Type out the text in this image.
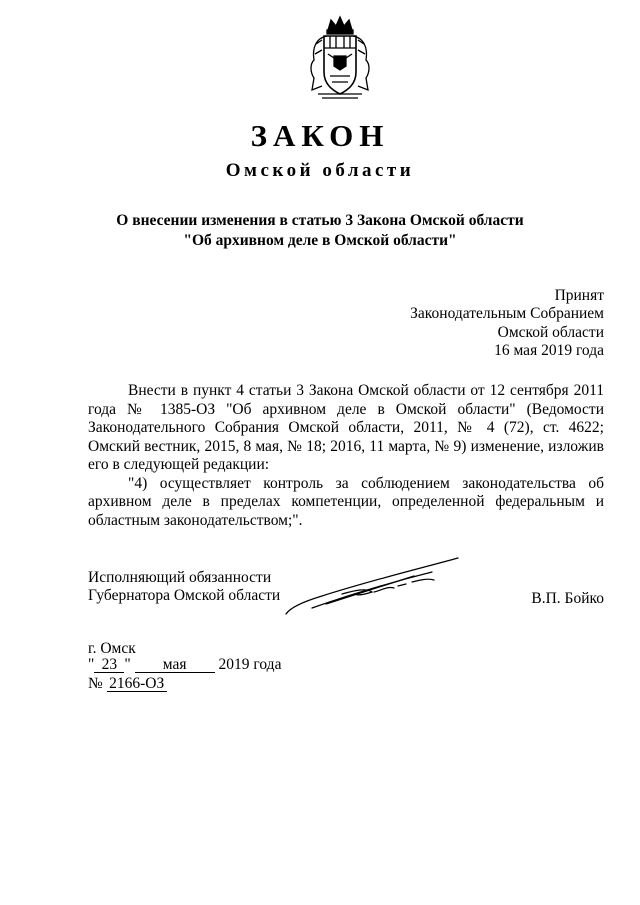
ЗАКОН
Омской области
О внесении изменения в статью 3 Закона Омской области
"Об архивном деле в Омской области"
Принят
Законодательным Собранием
Омской области
16 мая 2019 года

Внести в пункт 4 статьи 3 Закона Омской области от 12 сентября 2011 года № 1385-ОЗ "Об архивном деле в Омской области" (Ведомости Законодательного Собрания Омской области, 2011, № 4 (72), ст. 4622; Омский вестник, 2015, 8 мая, № 18; 2016, 11 марта, № 9) изменение, изложив его в следующей редакции:

"4) осуществляет контроль за соблюдением законодательства об архивном деле в пределах компетенции, определенной федеральным и областным законодательством;".

Исполняющий обязанности
Губернатора Омской области	В.П. Бойко
г. Омск
" 23 " мая 2019 года
№ 2166-ОЗ
